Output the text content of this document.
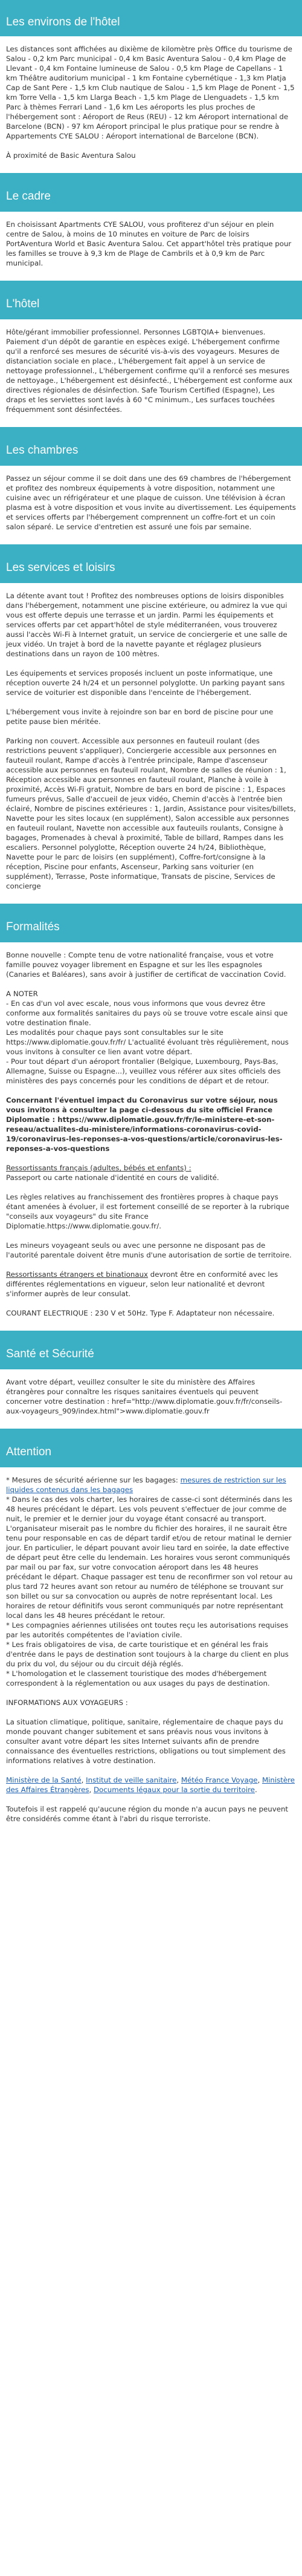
Les environs de l'hôtel

Les distances sont affichées au dixième de kilomètre près Office du tourisme de Salou - 0,2 km Parc municipal - 0,4 km Basic Aventura Salou - 0,4 km Plage de Llevant - 0,4 km Fontaine lumineuse de Salou - 0,5 km Plage de Capellans - 1 km Théâtre auditorium municipal - 1 km Fontaine cybernétique - 1,3 km Platja Cap de Sant Pere - 1,5 km Club nautique de Salou - 1,5 km Plage de Ponent - 1,5 km Torre Vella - 1,5 km Llarga Beach - 1,5 km Plage de Llenguadets - 1,5 km Parc à thèmes Ferrari Land - 1,6 km Les aéroports les plus proches de l'hébergement sont : Aéroport de Reus (REU) - 12 km Aéroport international de Barcelone (BCN) - 97 km Aéroport principal le plus pratique pour se rendre à Appartements CYE SALOU : Aéroport international de Barcelone (BCN).

À proximité de Basic Aventura Salou

Le cadre

En choisissant Apartments CYE SALOU, vous profiterez d'un séjour en plein centre de Salou, à moins de 10 minutes en voiture de Parc de loisirs PortAventura World et Basic Aventura Salou. Cet appart'hôtel très pratique pour les familles se trouve à 9,3 km de Plage de Cambrils et à 0,9 km de Parc municipal.

L'hôtel

Hôte/gérant immobilier professionnel. Personnes LGBTQIA+ bienvenues. Paiement d'un dépôt de garantie en espèces exigé. L'hébergement confirme qu'il a renforcé ses mesures de sécurité vis-à-vis des voyageurs. Mesures de distanciation sociale en place., L'hébergement fait appel à un service de nettoyage professionnel., L'hébergement confirme qu'il a renforcé ses mesures de nettoyage., L'hébergement est désinfecté., L'hébergement est conforme aux directives régionales de désinfection. Safe Tourism Certified (Espagne), Les draps et les serviettes sont lavés à 60 °C minimum., Les surfaces touchées fréquemment sont désinfectées.

Les chambres

Passez un séjour comme il se doit dans une des 69 chambres de l'hébergement et profitez des nombreux équipements à votre disposition, notamment une cuisine avec un réfrigérateur et une plaque de cuisson. Une télévision à écran plasma est à votre disposition et vous invite au divertissement. Les équipements et services offerts par l'hébergement comprennent un coffre-fort et un coin salon séparé. Le service d'entretien est assuré une fois par semaine.

Les services et loisirs

La détente avant tout ! Profitez des nombreuses options de loisirs disponibles dans l'hébergement, notamment une piscine extérieure, ou admirez la vue qui vous est offerte depuis une terrasse et un jardin. Parmi les équipements et services offerts par cet appart'hôtel de style méditerranéen, vous trouverez aussi l'accès Wi-Fi à Internet gratuit, un service de conciergerie et une salle de jeux vidéo. Un trajet à bord de la navette payante et réglagez plusieurs destinations dans un rayon de 100 mètres.

Les équipements et services proposés incluent un poste informatique, une réception ouverte 24 h/24 et un personnel polyglotte. Un parking payant sans service de voiturier est disponible dans l'enceinte de l'hébergement.

L'hébergement vous invite à rejoindre son bar en bord de piscine pour une petite pause bien méritée.

Parking non couvert. Accessible aux personnes en fauteuil roulant (des restrictions peuvent s'appliquer), Conciergerie accessible aux personnes en fauteuil roulant, Rampe d'accès à l'entrée principale, Rampe d'ascenseur accessible aux personnes en fauteuil roulant, Nombre de salles de réunion : 1, Réception accessible aux personnes en fauteuil roulant, Planche à voile à proximité, Accès Wi-Fi gratuit, Nombre de bars en bord de piscine : 1, Espaces fumeurs prévus, Salle d'accueil de jeux vidéo, Chemin d'accès à l'entrée bien éclairé, Nombre de piscines extérieures : 1, Jardin, Assistance pour visites/billets, Navette pour les sites locaux (en supplément), Salon accessible aux personnes en fauteuil roulant, Navette non accessible aux fauteuils roulants, Consigne à bagages, Promenades à cheval à proximité, Table de billard, Rampes dans les escaliers. Personnel polyglotte, Réception ouverte 24 h/24, Bibliothèque, Navette pour le parc de loisirs (en supplément), Coffre-fort/consigne à la réception, Piscine pour enfants, Ascenseur, Parking sans voiturier (en supplément), Terrasse, Poste informatique, Transats de piscine, Services de concierge

Formalités

Bonne nouvelle : Compte tenu de votre nationalité française, vous et votre famille pouvez voyager librement en Espagne et sur les îles espagnoles (Canaries et Baléares), sans avoir à justifier de certificat de vaccination Covid.

A NOTER
- En cas d'un vol avec escale, nous vous informons que vous devrez être conforme aux formalités sanitaires du pays où se trouve votre escale ainsi que votre destination finale.
Les modalités pour chaque pays sont consultables sur le site https://www.diplomatie.gouv.fr/fr/ L'actualité évoluant très régulièrement, nous vous invitons à consulter ce lien avant votre départ.
- Pour tout départ d'un aéroport frontalier (Belgique, Luxembourg, Pays-Bas, Allemagne, Suisse ou Espagne...), veuillez vous référer aux sites officiels des ministères des pays concernés pour les conditions de départ et de retour.

Concernant l'éventuel impact du Coronavirus sur votre séjour, nous vous invitons à consulter la page ci-dessous du site officiel France Diplomatie : https://www.diplomatie.gouv.fr/fr/le-ministere-et-son-reseau/actualites-du-ministere/informations-coronavirus-covid-19/coronavirus-les-reponses-a-vos-questions/article/coronavirus-les-reponses-a-vos-questions

Ressortissants français (adultes, bébés et enfants) :
Passeport ou carte nationale d'identité en cours de validité.

Les règles relatives au franchissement des frontières propres à chaque pays étant amenées à évoluer, il est fortement conseillé de se reporter à la rubrique "conseils aux voyageurs" du site France Diplomatie.https://www.diplomatie.gouv.fr/.

Les mineurs voyageant seuls ou avec une personne ne disposant pas de l'autorité parentale doivent être munis d'une autorisation de sortie de territoire.

Ressortissants étrangers et binationaux devront être en conformité avec les différentes réglementations en vigueur, selon leur nationalité et devront s'informer auprès de leur consulat.

COURANT ELECTRIQUE : 230 V et 50Hz. Type F. Adaptateur non nécessaire.

Santé et Sécurité

Avant votre départ, veuillez consulter le site du ministère des Affaires étrangères pour connaître les risques sanitaires éventuels qui peuvent concerner votre destination : href="http://www.diplomatie.gouv.fr/fr/conseils-aux-voyageurs_909/index.html">www.diplomatie.gouv.fr

Attention

* Mesures de sécurité aérienne sur les bagages: mesures de restriction sur les liquides contenus dans les bagages
* Dans le cas des vols charter, les horaires de casse-ci sont déterminés dans les 48 heures précédant le départ. Les vols peuvent s'effectuer de jour comme de nuit, le premier et le dernier jour du voyage étant consacré au transport. L'organisateur miserait pas le nombre du fichier des horaires, il ne saurait être tenu pour responsable en cas de départ tardif et/ou de retour matinal le dernier jour. En particulier, le départ pouvant avoir lieu tard en soirée, la date effective de départ peut être celle du lendemain. Les horaires vous seront communiqués par mail ou par fax, sur votre convocation aéroport dans les 48 heures précédant le départ. Chaque passager est tenu de reconfirmer son vol retour au plus tard 72 heures avant son retour au numéro de téléphone se trouvant sur son billet ou sur sa convocation ou auprès de notre représentant local. Les horaires de retour définitifs vous seront communiqués par notre représentant local dans les 48 heures précédant le retour.
* Les compagnies aériennes utilisées ont toutes reçu les autorisations requises par les autorités compétentes de l'aviation civile.
* Les frais obligatoires de visa, de carte touristique et en général les frais d'entrée dans le pays de destination sont toujours à la charge du client en plus du prix du vol, du séjour ou du circuit déjà réglés.
* L'homologation et le classement touristique des modes d'hébergement correspondent à la réglementation ou aux usages du pays de destination.

INFORMATIONS AUX VOYAGEURS :

La situation climatique, politique, sanitaire, réglementaire de chaque pays du monde pouvant changer subitement et sans préavis nous vous invitons à consulter avant votre départ les sites Internet suivants afin de prendre connaissance des éventuelles restrictions, obligations ou tout simplement des informations relatives à votre destination.

Ministère de la Santé, Institut de veille sanitaire, Météo France Voyage, Ministère des Affaires Étrangères, Documents légaux pour la sortie du territoire.

Toutefois il est rappelé qu'aucune région du monde n'a aucun pays ne peuvent être considérés comme étant à l'abri du risque terroriste.
